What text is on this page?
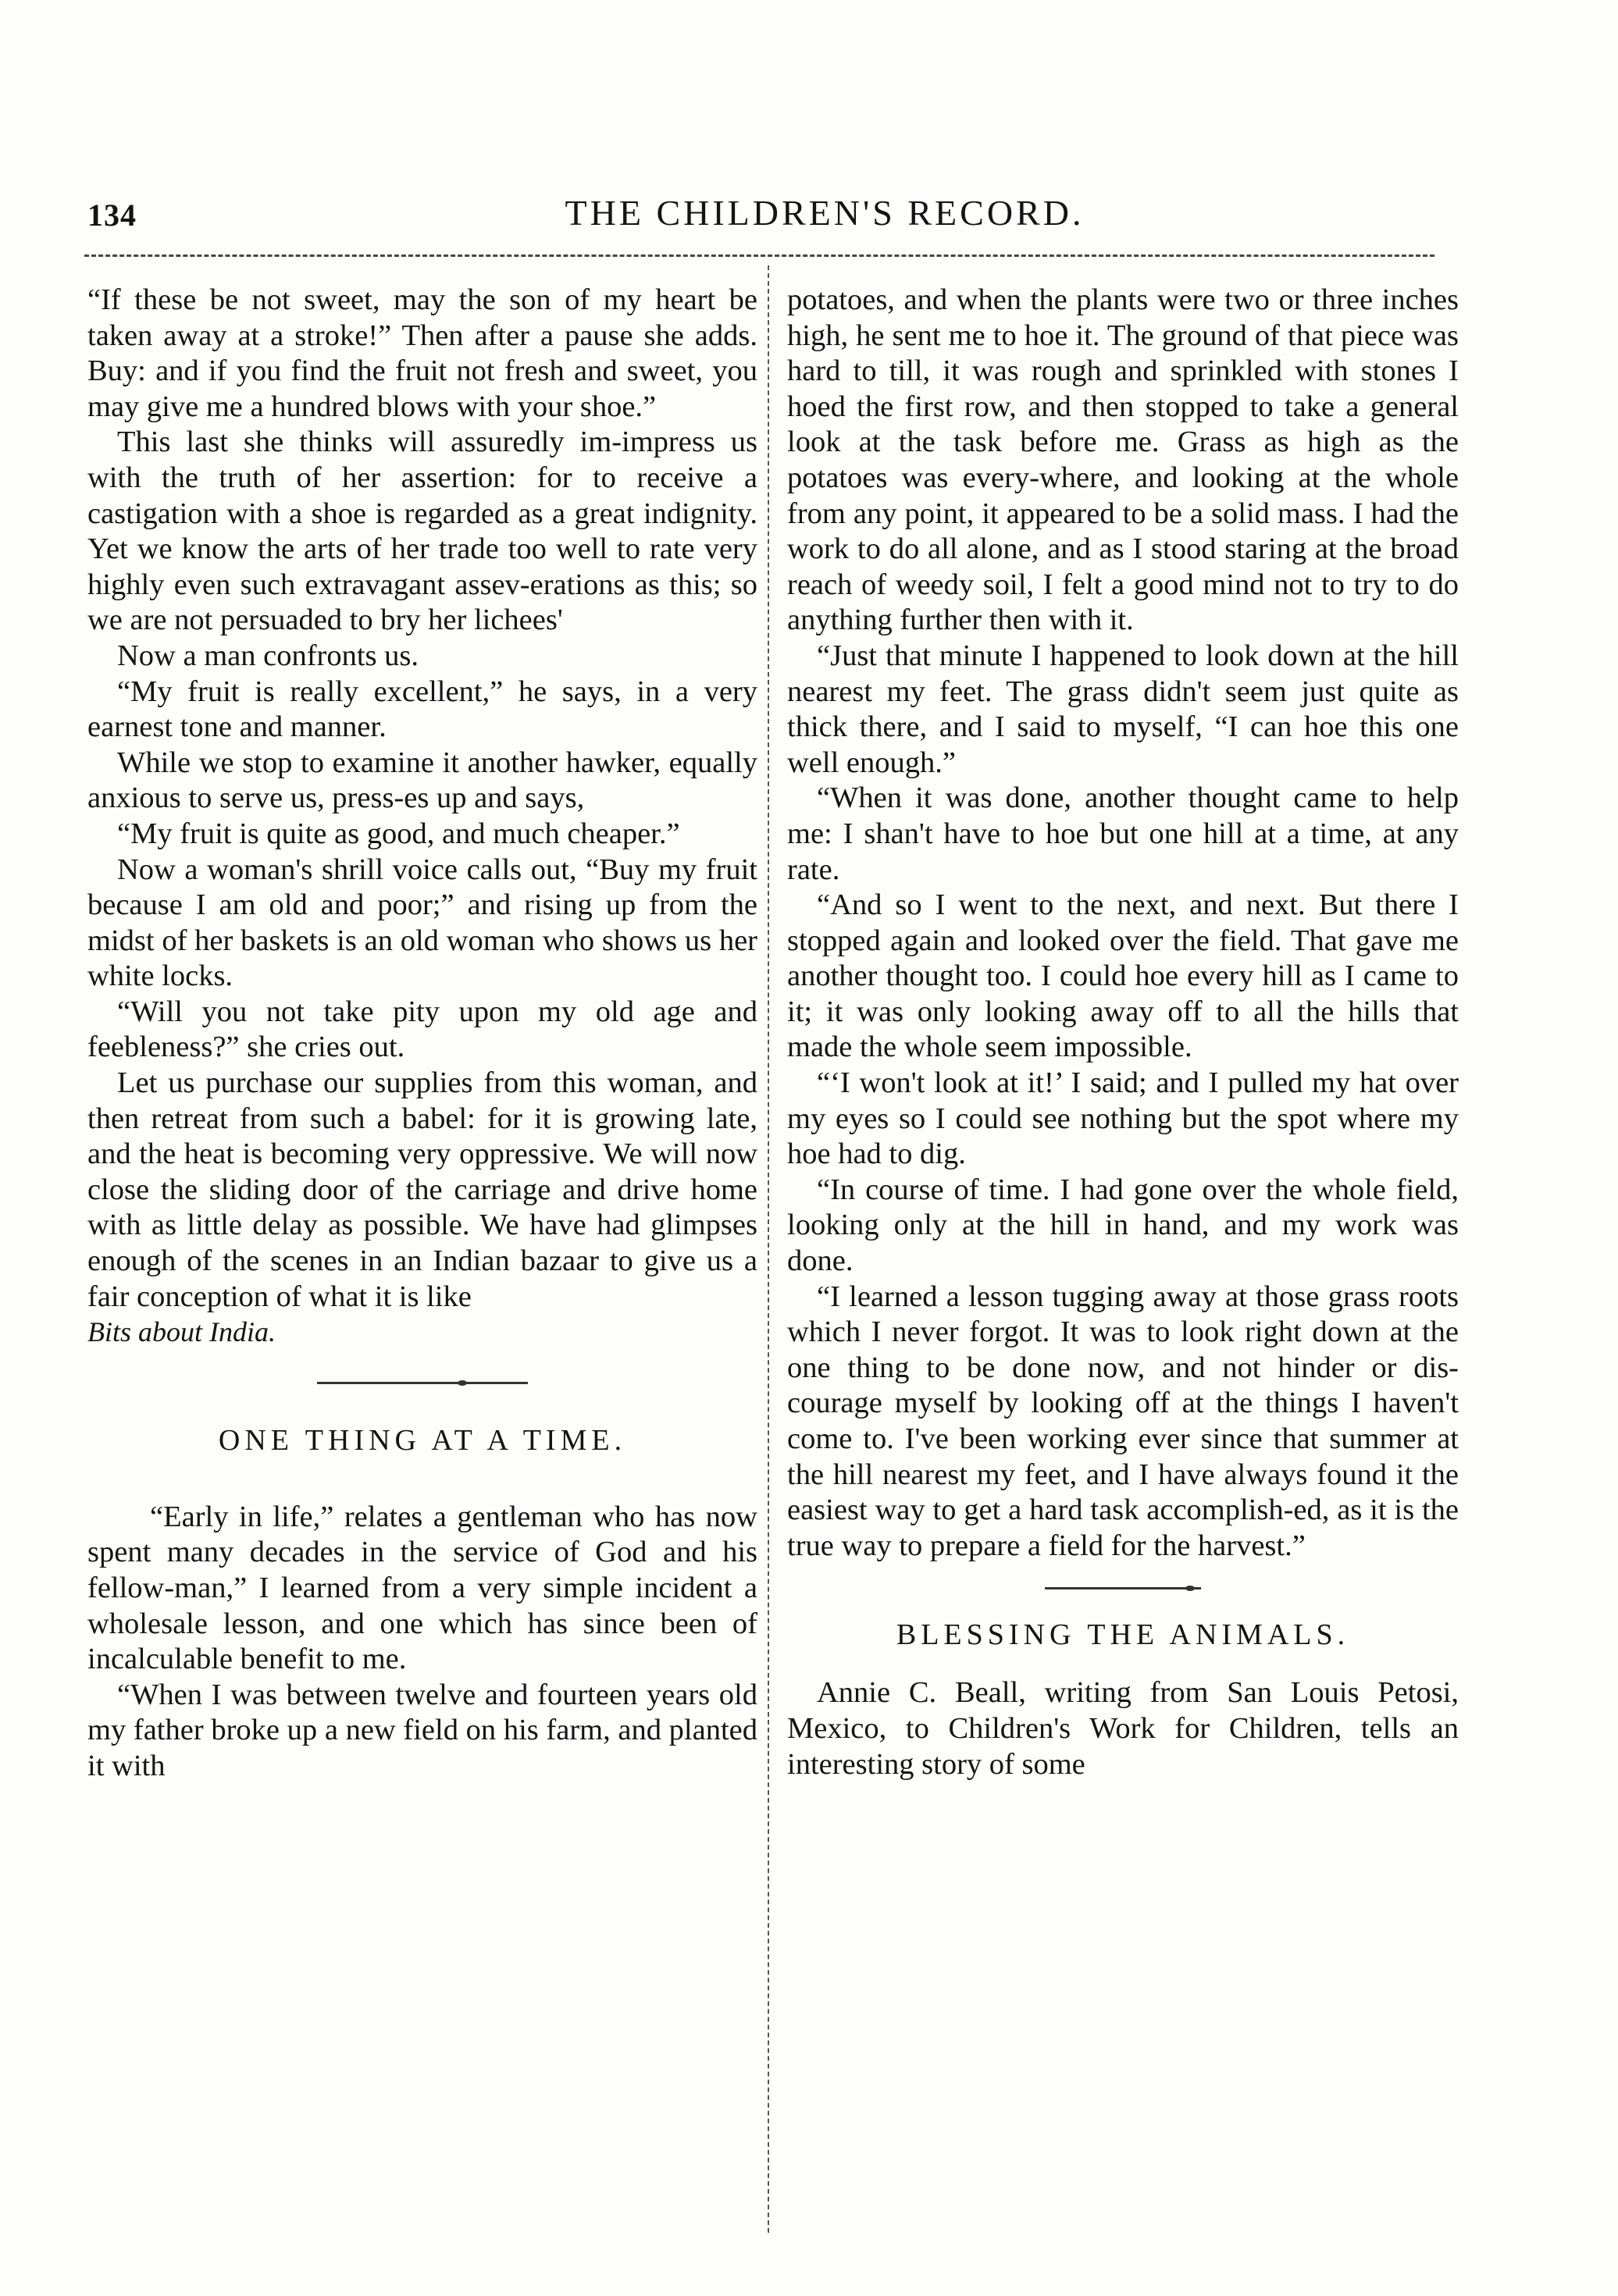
134	THE CHILDREN'S RECORD.

“If these be not sweet, may the son of my heart be taken away at a stroke!” Then after a pause she adds. Buy: and if you find the fruit not fresh and sweet, you may give me a hundred blows with your shoe.”

This last she thinks will assuredly im-impress us with the truth of her assertion: for to receive a castigation with a shoe is regarded as a great indignity. Yet we know the arts of her trade too well to rate very highly even such extravagant assev-erations as this; so we are not persuaded to bry her lichees'

Now a man confronts us.

“My fruit is really excellent,” he says, in a very earnest tone and manner.

While we stop to examine it another hawker, equally anxious to serve us, press-es up and says,

“My fruit is quite as good, and much cheaper.”

Now a woman's shrill voice calls out, “Buy my fruit because I am old and poor;” and rising up from the midst of her baskets is an old woman who shows us her white locks.

“Will you not take pity upon my old age and feebleness?” she cries out.

Let us purchase our supplies from this woman, and then retreat from such a babel: for it is growing late, and the heat is becoming very oppressive. We will now close the sliding door of the carriage and drive home with as little delay as possible. We have had glimpses enough of the scenes in an Indian bazaar to give us a fair conception of what it is like

Bits about India.

ONE THING AT A TIME.

“Early in life,” relates a gentleman who has now spent many decades in the service of God and his fellow-man,” I learned from a very simple incident a wholesale lesson, and one which has since been of incalculable benefit to me.

“When I was between twelve and fourteen years old my father broke up a new field on his farm, and planted it with

potatoes, and when the plants were two or three inches high, he sent me to hoe it. The ground of that piece was hard to till, it was rough and sprinkled with stones I hoed the first row, and then stopped to take a general look at the task before me. Grass as high as the potatoes was every-where, and looking at the whole from any point, it appeared to be a solid mass. I had the work to do all alone, and as I stood staring at the broad reach of weedy soil, I felt a good mind not to try to do anything further then with it.

“Just that minute I happened to look down at the hill nearest my feet. The grass didn't seem just quite as thick there, and I said to myself, “I can hoe this one well enough.”

“When it was done, another thought came to help me: I shan't have to hoe but one hill at a time, at any rate.

“And so I went to the next, and next. But there I stopped again and looked over the field. That gave me another thought too. I could hoe every hill as I came to it; it was only looking away off to all the hills that made the whole seem impossible.

“‘I won't look at it!’ I said; and I pulled my hat over my eyes so I could see nothing but the spot where my hoe had to dig.

“In course of time. I had gone over the whole field, looking only at the hill in hand, and my work was done.

“I learned a lesson tugging away at those grass roots which I never forgot. It was to look right down at the one thing to be done now, and not hinder or dis-courage myself by looking off at the things I haven't come to. I've been working ever since that summer at the hill nearest my feet, and I have always found it the easiest way to get a hard task accomplish-ed, as it is the true way to prepare a field for the harvest.”

BLESSING THE ANIMALS.

Annie C. Beall, writing from San Louis Petosi, Mexico, to Children's Work for Children, tells an interesting story of some
